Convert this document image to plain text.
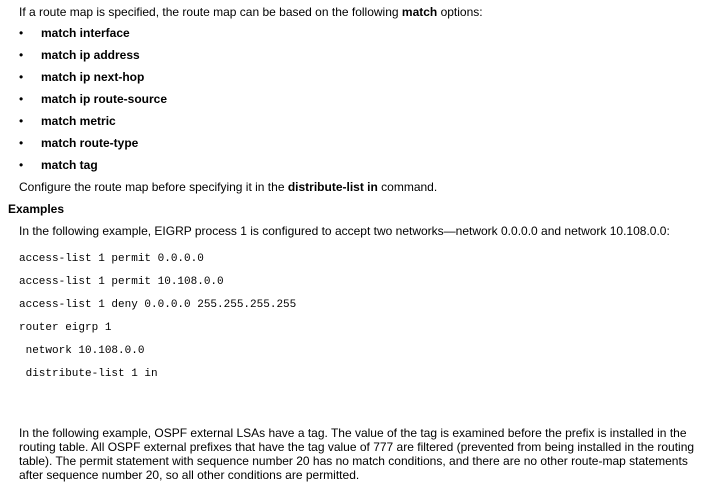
If a route map is specified, the route map can be based on the following match options:
• match interface
• match ip address
• match ip next-hop
• match ip route-source
• match metric
• match route-type
• match tag
Configure the route map before specifying it in the distribute-list in command.
Examples
In the following example, EIGRP process 1 is configured to accept two networks—network 0.0.0.0 and network 10.108.0.0:
access-list 1 permit 0.0.0.0
access-list 1 permit 10.108.0.0
access-list 1 deny 0.0.0.0 255.255.255.255
router eigrp 1
network 10.108.0.0
distribute-list 1 in
In the following example, OSPF external LSAs have a tag. The value of the tag is examined before the prefix is installed in the routing table. All OSPF external prefixes that have the tag value of 777 are filtered (prevented from being installed in the routing table). The permit statement with sequence number 20 has no match conditions, and there are no other route-map statements after sequence number 20, so all other conditions are permitted.
